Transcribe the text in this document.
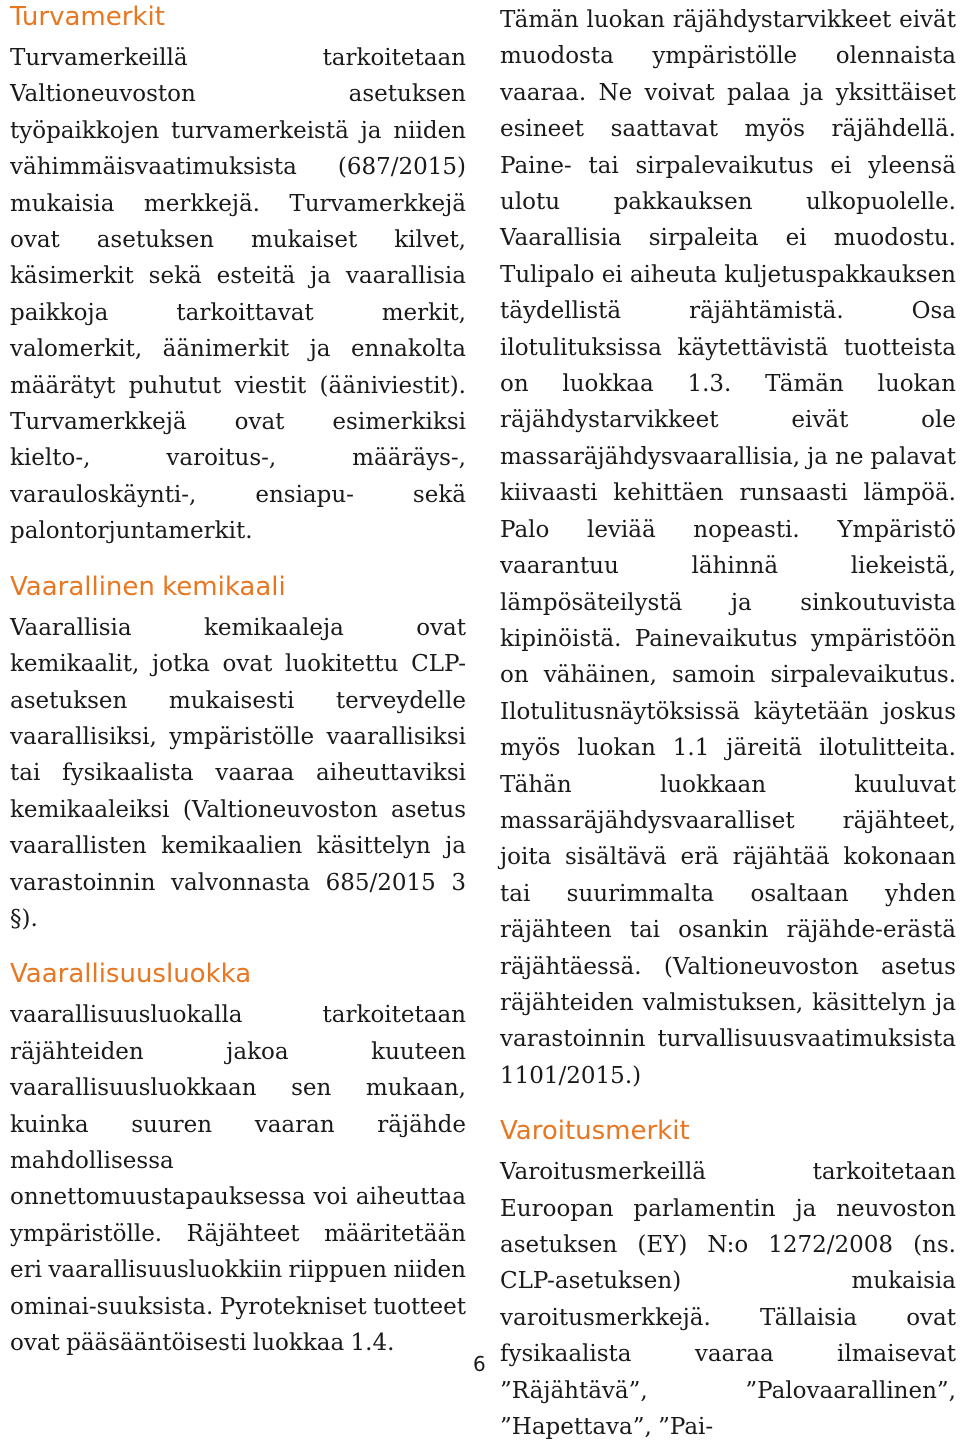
Turvamerkit

Turvamerkeillä tarkoitetaan Valtioneuvoston asetuksen työpaikkojen turvamerkeistä ja niiden vähimmäisvaatimuksista (687/2015) mukaisia merkkejä. Turvamerkkejä ovat asetuksen mukaiset kilvet, käsimerkit sekä esteitä ja vaarallisia paikkoja tarkoittavat merkit, valomerkit, äänimerkit ja ennakolta määrätyt puhutut viestit (ääniviestit). Turvamerkkejä ovat esimerkiksi kielto-, varoitus-, määräys-, varauloskäynti-, ensiapu- sekä palontorjuntamerkit.

Vaarallinen kemikaali

Vaarallisia kemikaaleja ovat kemikaalit, jotka ovat luokitettu CLP-asetuksen mukaisesti terveydelle vaarallisiksi, ympäristölle vaarallisiksi tai fysikaalista vaaraa aiheuttaviksi kemikaaleiksi (Valtioneuvoston asetus vaarallisten kemikaalien käsittelyn ja varastoinnin valvonnasta 685/2015 3 §).

Vaarallisuusluokka

vaarallisuusluokalla tarkoitetaan räjähteiden jakoa kuuteen vaarallisuusluokkaan sen mukaan, kuinka suuren vaaran räjähde mahdollisessa onnettomuustapauksessa voi aiheuttaa ympäristölle. Räjähteet määritetään eri vaarallisuusluokkiin riippuen niiden ominai-suuksista. Pyrotekniset tuotteet ovat pääsääntöisesti luokkaa 1.4.

Tämän luokan räjähdystarvikkeet eivät muodosta ympäristölle olennaista vaaraa. Ne voivat palaa ja yksittäiset esineet saattavat myös räjähdellä. Paine- tai sirpalevaikutus ei yleensä ulotu pakkauksen ulkopuolelle. Vaarallisia sirpaleita ei muodostu. Tulipalo ei aiheuta kuljetuspakkauksen täydellistä räjähtämistä. Osa ilotulituksissa käytettävistä tuotteista on luokkaa 1.3. Tämän luokan räjähdystarvikkeet eivät ole massaräjähdysvaarallisia, ja ne palavat kiivaasti kehittäen runsaasti lämpöä. Palo leviää nopeasti. Ympäristö vaarantuu lähinnä liekeistä, lämpösäteilystä ja sinkoutuvista kipinöistä. Painevaikutus ympäristöön on vähäinen, samoin sirpalevaikutus. Ilotulitusnäytöksissä käytetään joskus myös luokan 1.1 järeitä ilotulitteita. Tähän luokkaan kuuluvat massaräjähdysvaaralliset räjähteet, joita sisältävä erä räjähtää kokonaan tai suurimmalta osaltaan yhden räjähteen tai osankin räjähde-erästä räjähtäessä. (Valtioneuvoston asetus räjähteiden valmistuksen, käsittelyn ja varastoinnin turvallisuusvaatimuksista 1101/2015.)

Varoitusmerkit

Varoitusmerkeillä tarkoitetaan Euroopan parlamentin ja neuvoston asetuksen (EY) N:o 1272/2008 (ns. CLP-asetuksen) mukaisia varoitusmerkkejä. Tällaisia ovat fysikaalista vaaraa ilmaisevat ”Räjähtävä”, ”Palovaarallinen”, ”Hapettava”, ”Pai-

6
